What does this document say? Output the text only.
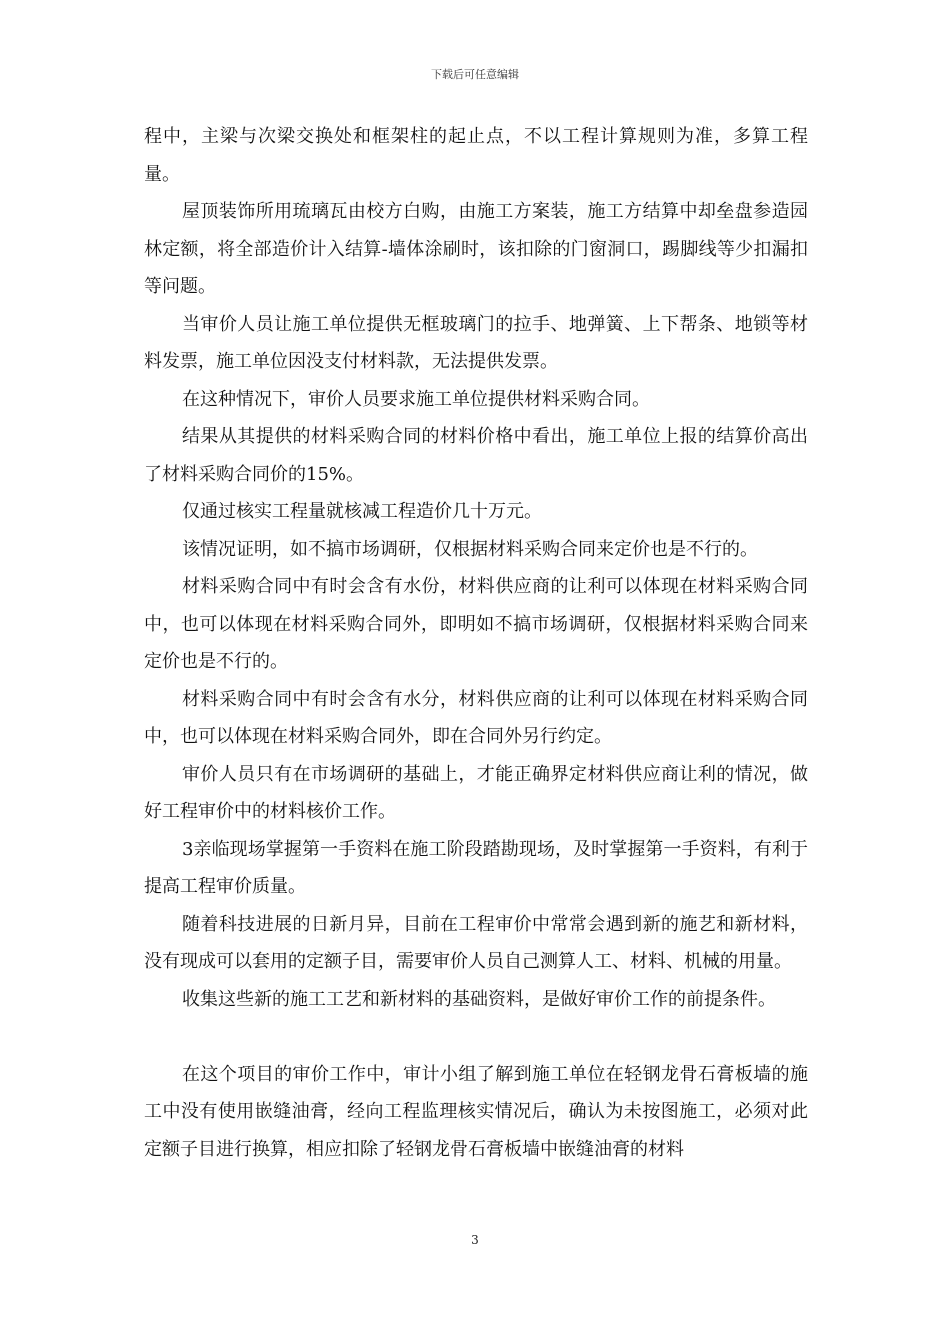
下载后可任意编辑

程中，主梁与次梁交换处和框架柱的起止点，不以工程计算规则为准，多算工程量。

屋顶装饰所用琉璃瓦由校方白购，由施工方案装，施工方结算中却垒盘参造园林定额，将全部造价计入结算-墙体涂刷时，该扣除的门窗洞口，踢脚线等少扣漏扣等问题。

当审价人员让施工单位提供无框玻璃门的拉手、地弹簧、上下帮条、地锁等材料发票，施工单位因没支付材料款，无法提供发票。

在这种情况下，审价人员要求施工单位提供材料采购合同。

结果从其提供的材料采购合同的材料价格中看出，施工单位上报的结算价高出了材料采购合同价的15%。

仅通过核实工程量就核减工程造价几十万元。

该情况证明，如不搞市场调研，仅根据材料采购合同来定价也是不行的。

材料采购合同中有时会含有水份，材料供应商的让利可以体现在材料采购合同中，也可以体现在材料采购合同外，即明如不搞市场调研，仅根据材料采购合同来定价也是不行的。

材料采购合同中有时会含有水分，材料供应商的让利可以体现在材料采购合同中，也可以体现在材料采购合同外，即在合同外另行约定。

审价人员只有在市场调研的基础上，才能正确界定材料供应商让利的情况，做好工程审价中的材料核价工作。

3亲临现场掌握第一手资料在施工阶段踏勘现场，及时掌握第一手资料，有利于提高工程审价质量。

随着科技进展的日新月异，目前在工程审价中常常会遇到新的施艺和新材料，没有现成可以套用的定额子目，需要审价人员自己测算人工、材料、机械的用量。

收集这些新的施工工艺和新材料的基础资料，是做好审价工作的前提条件。

在这个项目的审价工作中，审计小组了解到施工单位在轻钢龙骨石膏板墙的施工中没有使用嵌缝油膏，经向工程监理核实情况后，确认为未按图施工，必须对此定额子目进行换算，相应扣除了轻钢龙骨石膏板墙中嵌缝油膏的材料

3
